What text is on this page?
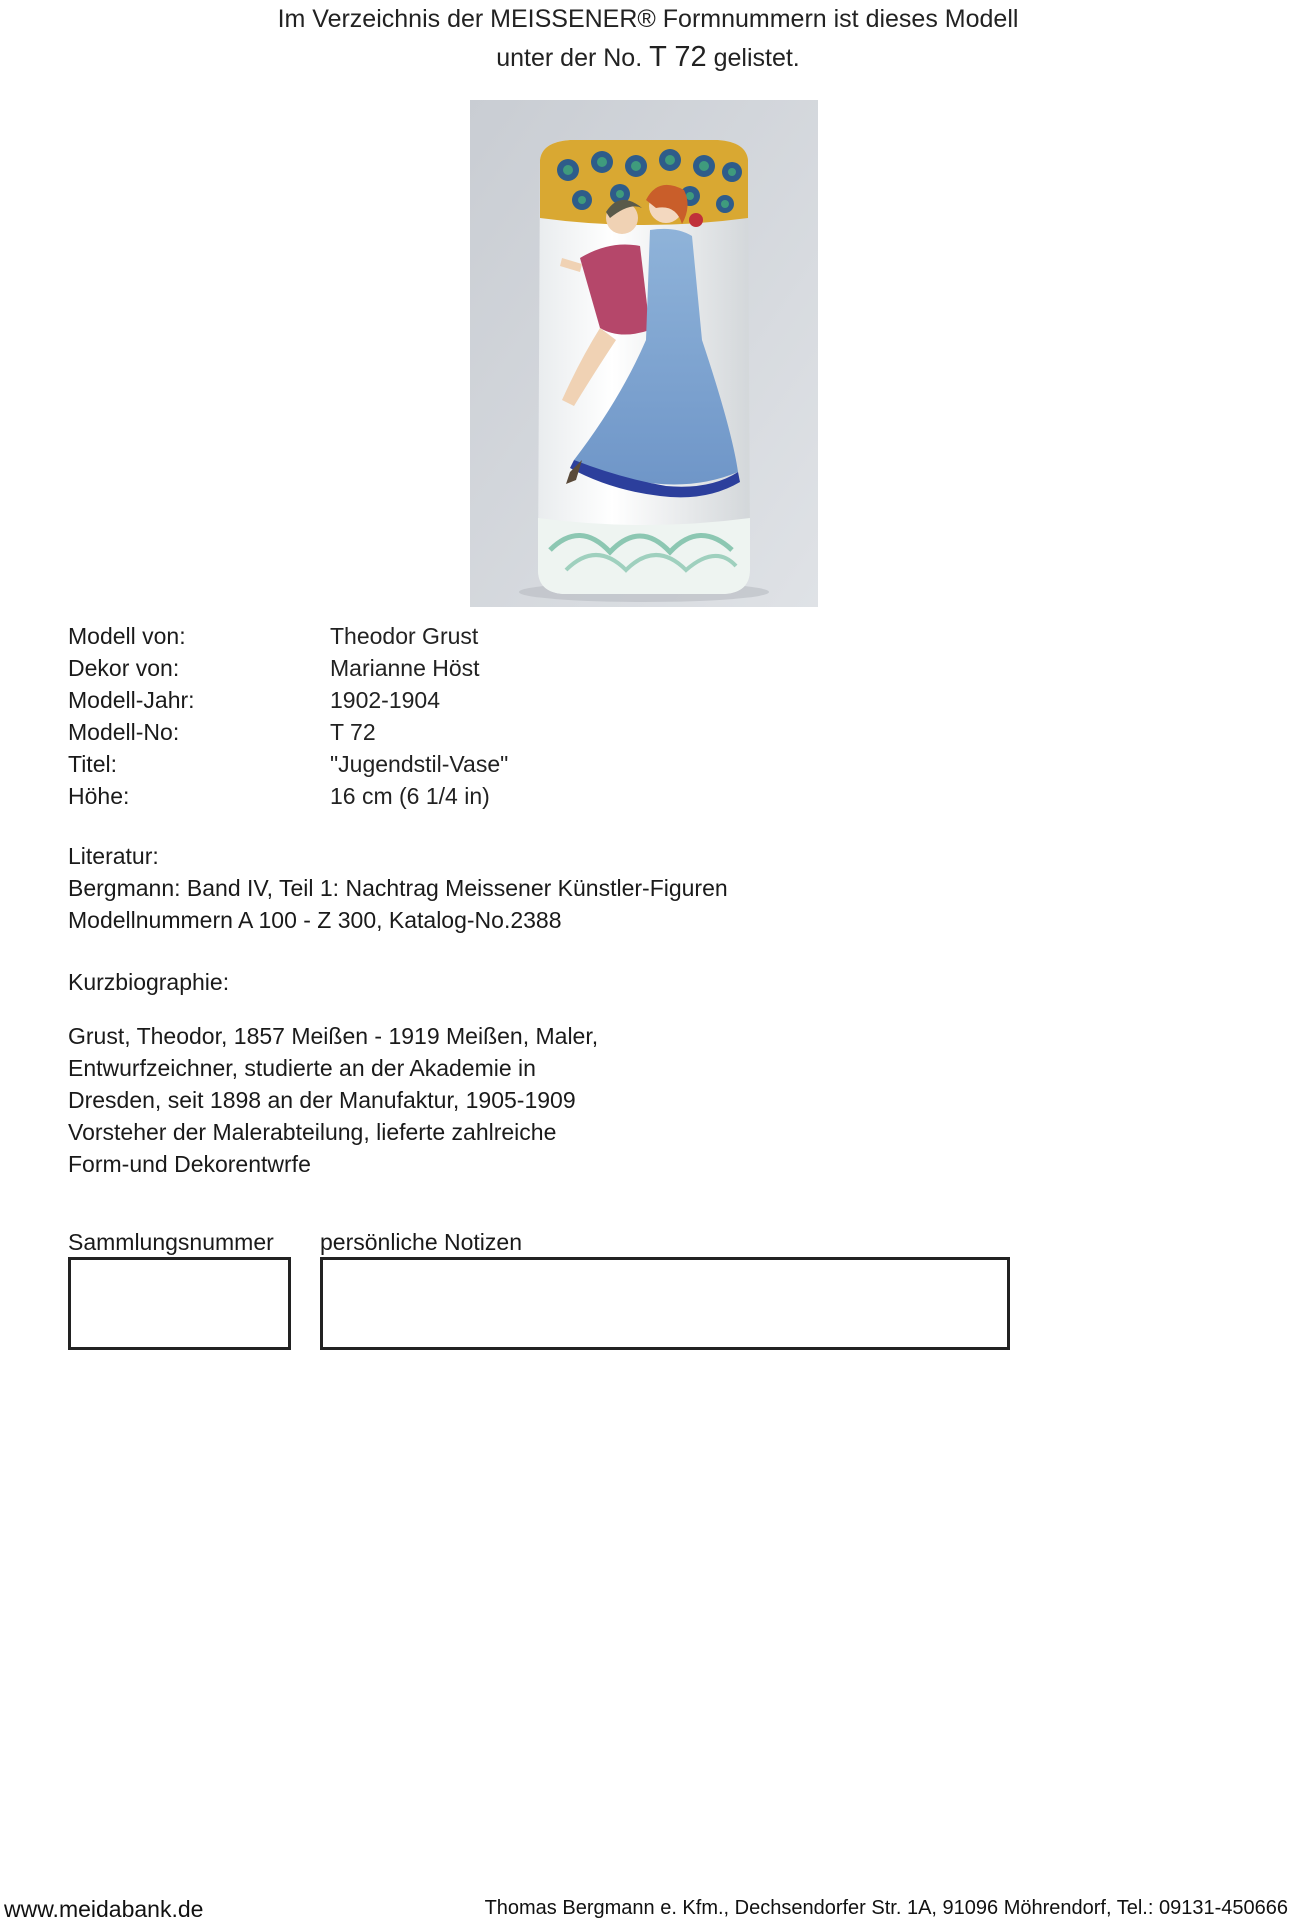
Im Verzeichnis der MEISSENER® Formnummern ist dieses Modell
unter der No. T 72 gelistet.
Modell von:	Theodor Grust
Dekor von:	Marianne Höst
Modell-Jahr:	1902-1904
Modell-No:	T 72
Titel:	"Jugendstil-Vase"
Höhe:	16 cm (6 1/4 in)
Literatur:
Bergmann: Band IV, Teil 1: Nachtrag Meissener Künstler-Figuren
Modellnummern A 100 - Z 300, Katalog-No.2388
Kurzbiographie:
Grust, Theodor, 1857 Meißen - 1919 Meißen, Maler,
Entwurfzeichner, studierte an der Akademie in
Dresden, seit 1898 an der Manufaktur, 1905-1909
Vorsteher der Malerabteilung, lieferte zahlreiche
Form-und Dekorentwrfe
Sammlungsnummer persönliche Notizen
www.meidabank.de	Thomas Bergmann e. Kfm., Dechsendorfer Str. 1A, 91096 Möhrendorf, Tel.: 09131-450666
